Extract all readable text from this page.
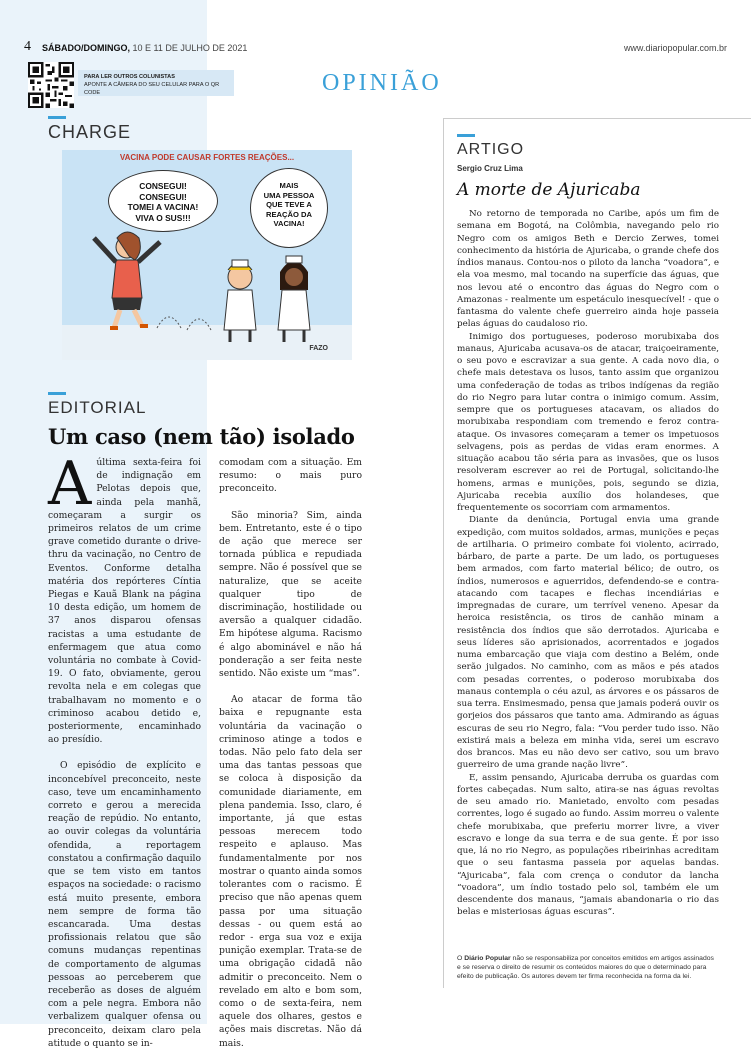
4 SÁBADO/DOMINGO, 10 E 11 DE JULHO DE 2021	www.diariopopular.com.br
PARA LER OUTROS COLUNISTAS
APONTE A CÂMERA DO SEU CELULAR PARA O QR CODE	OPINIÃO
CHARGE
VACINA PODE CAUSAR FORTES REAÇÕES...
CONSEGUI!
CONSEGUI!
TOMEI A VACINA!
VIVA O SUS!!!
MAIS
UMA PESSOA
QUE TEVE A
REAÇÃO DA
VACINA!
FAZO
EDITORIAL
Um caso (nem tão) isolado

Aúltima sexta-feira foi de indignação em Pelotas depois que, ainda pela manhã, começaram a surgir os primeiros relatos de um crime grave cometido durante o drive-thru da vacinação, no Centro de Eventos. Conforme detalha matéria dos repórteres Cíntia Piegas e Kauã Blank na página 10 desta edição, um homem de 37 anos disparou ofensas racistas a uma estudante de enfermagem que atua como voluntária no combate à Covid-19. O fato, obviamente, gerou revolta nela e em colegas que trabalhavam no momento e o criminoso acabou detido e, posteriormente, encaminhado ao presídio.

O episódio de explícito e inconcebível preconceito, neste caso, teve um encaminhamento correto e gerou a merecida reação de repúdio. No entanto, ao ouvir colegas da voluntária ofendida, a reportagem constatou a confirmação daquilo que se tem visto em tantos espaços na sociedade: o racismo está muito presente, embora nem sempre de forma tão escancarada. Uma destas profissionais relatou que são comuns mudanças repentinas de comportamento de algumas pessoas ao perceberem que receberão as doses de alguém com a pele negra. Embora não verbalizem qualquer ofensa ou preconceito, deixam claro pela atitude o quanto se in-

comodam com a situação. Em resumo: o mais puro preconceito.

São minoria? Sim, ainda bem. Entretanto, este é o tipo de ação que merece ser tornada pública e repudiada sempre. Não é possível que se naturalize, que se aceite qualquer tipo de discriminação, hostilidade ou aversão a qualquer cidadão. Em hipótese alguma. Racismo é algo abominável e não há ponderação a ser feita neste sentido. Não existe um “mas”.

Ao atacar de forma tão baixa e repugnante esta voluntária da vacinação o criminoso atinge a todos e todas. Não pelo fato dela ser uma das tantas pessoas que se coloca à disposição da comunidade diariamente, em plena pandemia. Isso, claro, é importante, já que estas pessoas merecem todo respeito e aplauso. Mas fundamentalmente por nos mostrar o quanto ainda somos tolerantes com o racismo. É preciso que não apenas quem passa por uma situação dessas - ou quem está ao redor - erga sua voz e exija punição exemplar. Trata-se de uma obrigação cidadã não admitir o preconceito. Nem o revelado em alto e bom som, como o de sexta-feira, nem aquele dos olhares, gestos e ações mais discretas. Não dá mais.

ARTIGO
Sergio Cruz Lima
A morte de Ajuricaba

No retorno de temporada no Caribe, após um fim de semana em Bogotá, na Colômbia, navegando pelo rio Negro com os amigos Beth e Dercio Zerwes, tomei conhecimento da história de Ajuricaba, o grande chefe dos índios manaus. Contou-nos o piloto da lancha “voadora”, e ela voa mesmo, mal tocando na superfície das águas, que nos levou até o encontro das águas do Negro com o Amazonas - realmente um espetáculo inesquecível! - que o fantasma do valente chefe guerreiro ainda hoje passeia pelas águas do caudaloso rio.

Inimigo dos portugueses, poderoso morubixaba dos manaus, Ajuricaba acusava-os de atacar, traiçoeiramente, o seu povo e escravizar a sua gente. A cada novo dia, o chefe mais detestava os lusos, tanto assim que organizou uma confederação de todas as tribos indígenas da região do rio Negro para lutar contra o inimigo comum. Assim, sempre que os portugueses atacavam, os aliados do morubixaba respondiam com tremendo e feroz contra-ataque. Os invasores começaram a temer os impetuosos selvagens, pois as perdas de vidas eram enormes. A situação acabou tão séria para as invasões, que os lusos resolveram escrever ao rei de Portugal, solicitando-lhe homens, armas e munições, pois, segundo se dizia, Ajuricaba recebia auxílio dos holandeses, que frequentemente os socorriam com armamentos.

Diante da denúncia, Portugal envia uma grande expedição, com muitos soldados, armas, munições e peças de artilharia. O primeiro combate foi violento, acirrado, bárbaro, de parte a parte. De um lado, os portugueses bem armados, com farto material bélico; de outro, os índios, numerosos e aguerridos, defendendo-se e contra-atacando com tacapes e flechas incendiárias e impregnadas de curare, um terrível veneno. Apesar da heroica resistência, os tiros de canhão minam a resistência dos índios que são derrotados. Ajuricaba e seus líderes são aprisionados, acorrentados e jogados numa embarcação que viaja com destino a Belém, onde serão julgados. No caminho, com as mãos e pés atados com pesadas correntes, o poderoso morubixaba dos manaus contempla o céu azul, as árvores e os pássaros de sua terra. Ensimesmado, pensa que jamais poderá ouvir os gorjeios dos pássaros que tanto ama. Admirando as águas escuras de seu rio Negro, fala: “Vou perder tudo isso. Não existirá mais a beleza em minha vida, serei um escravo dos brancos. Mas eu não devo ser cativo, sou um bravo guerreiro de uma grande nação livre”.

E, assim pensando, Ajuricaba derruba os guardas com fortes cabeçadas. Num salto, atira-se nas águas revoltas de seu amado rio. Manietado, envolto com pesadas correntes, logo é sugado ao fundo. Assim morreu o valente chefe morubixaba, que preferiu morrer livre, a viver escravo e longe da sua terra e de sua gente. É por isso que, lá no rio Negro, as populações ribeirinhas acreditam que o seu fantasma passeia por aquelas bandas. “Ajuricaba”, fala com crença o condutor da lancha “voadora”, um índio tostado pelo sol, também ele um descendente dos manaus, “jamais abandonaria o rio das belas e misteriosas águas escuras”.

O Diário Popular não se responsabiliza por conceitos emitidos em artigos assinados e se reserva o direito de resumir os conteúdos maiores do que o determinado para efeito de publicação. Os autores devem ter firma reconhecida na forma da lei.
